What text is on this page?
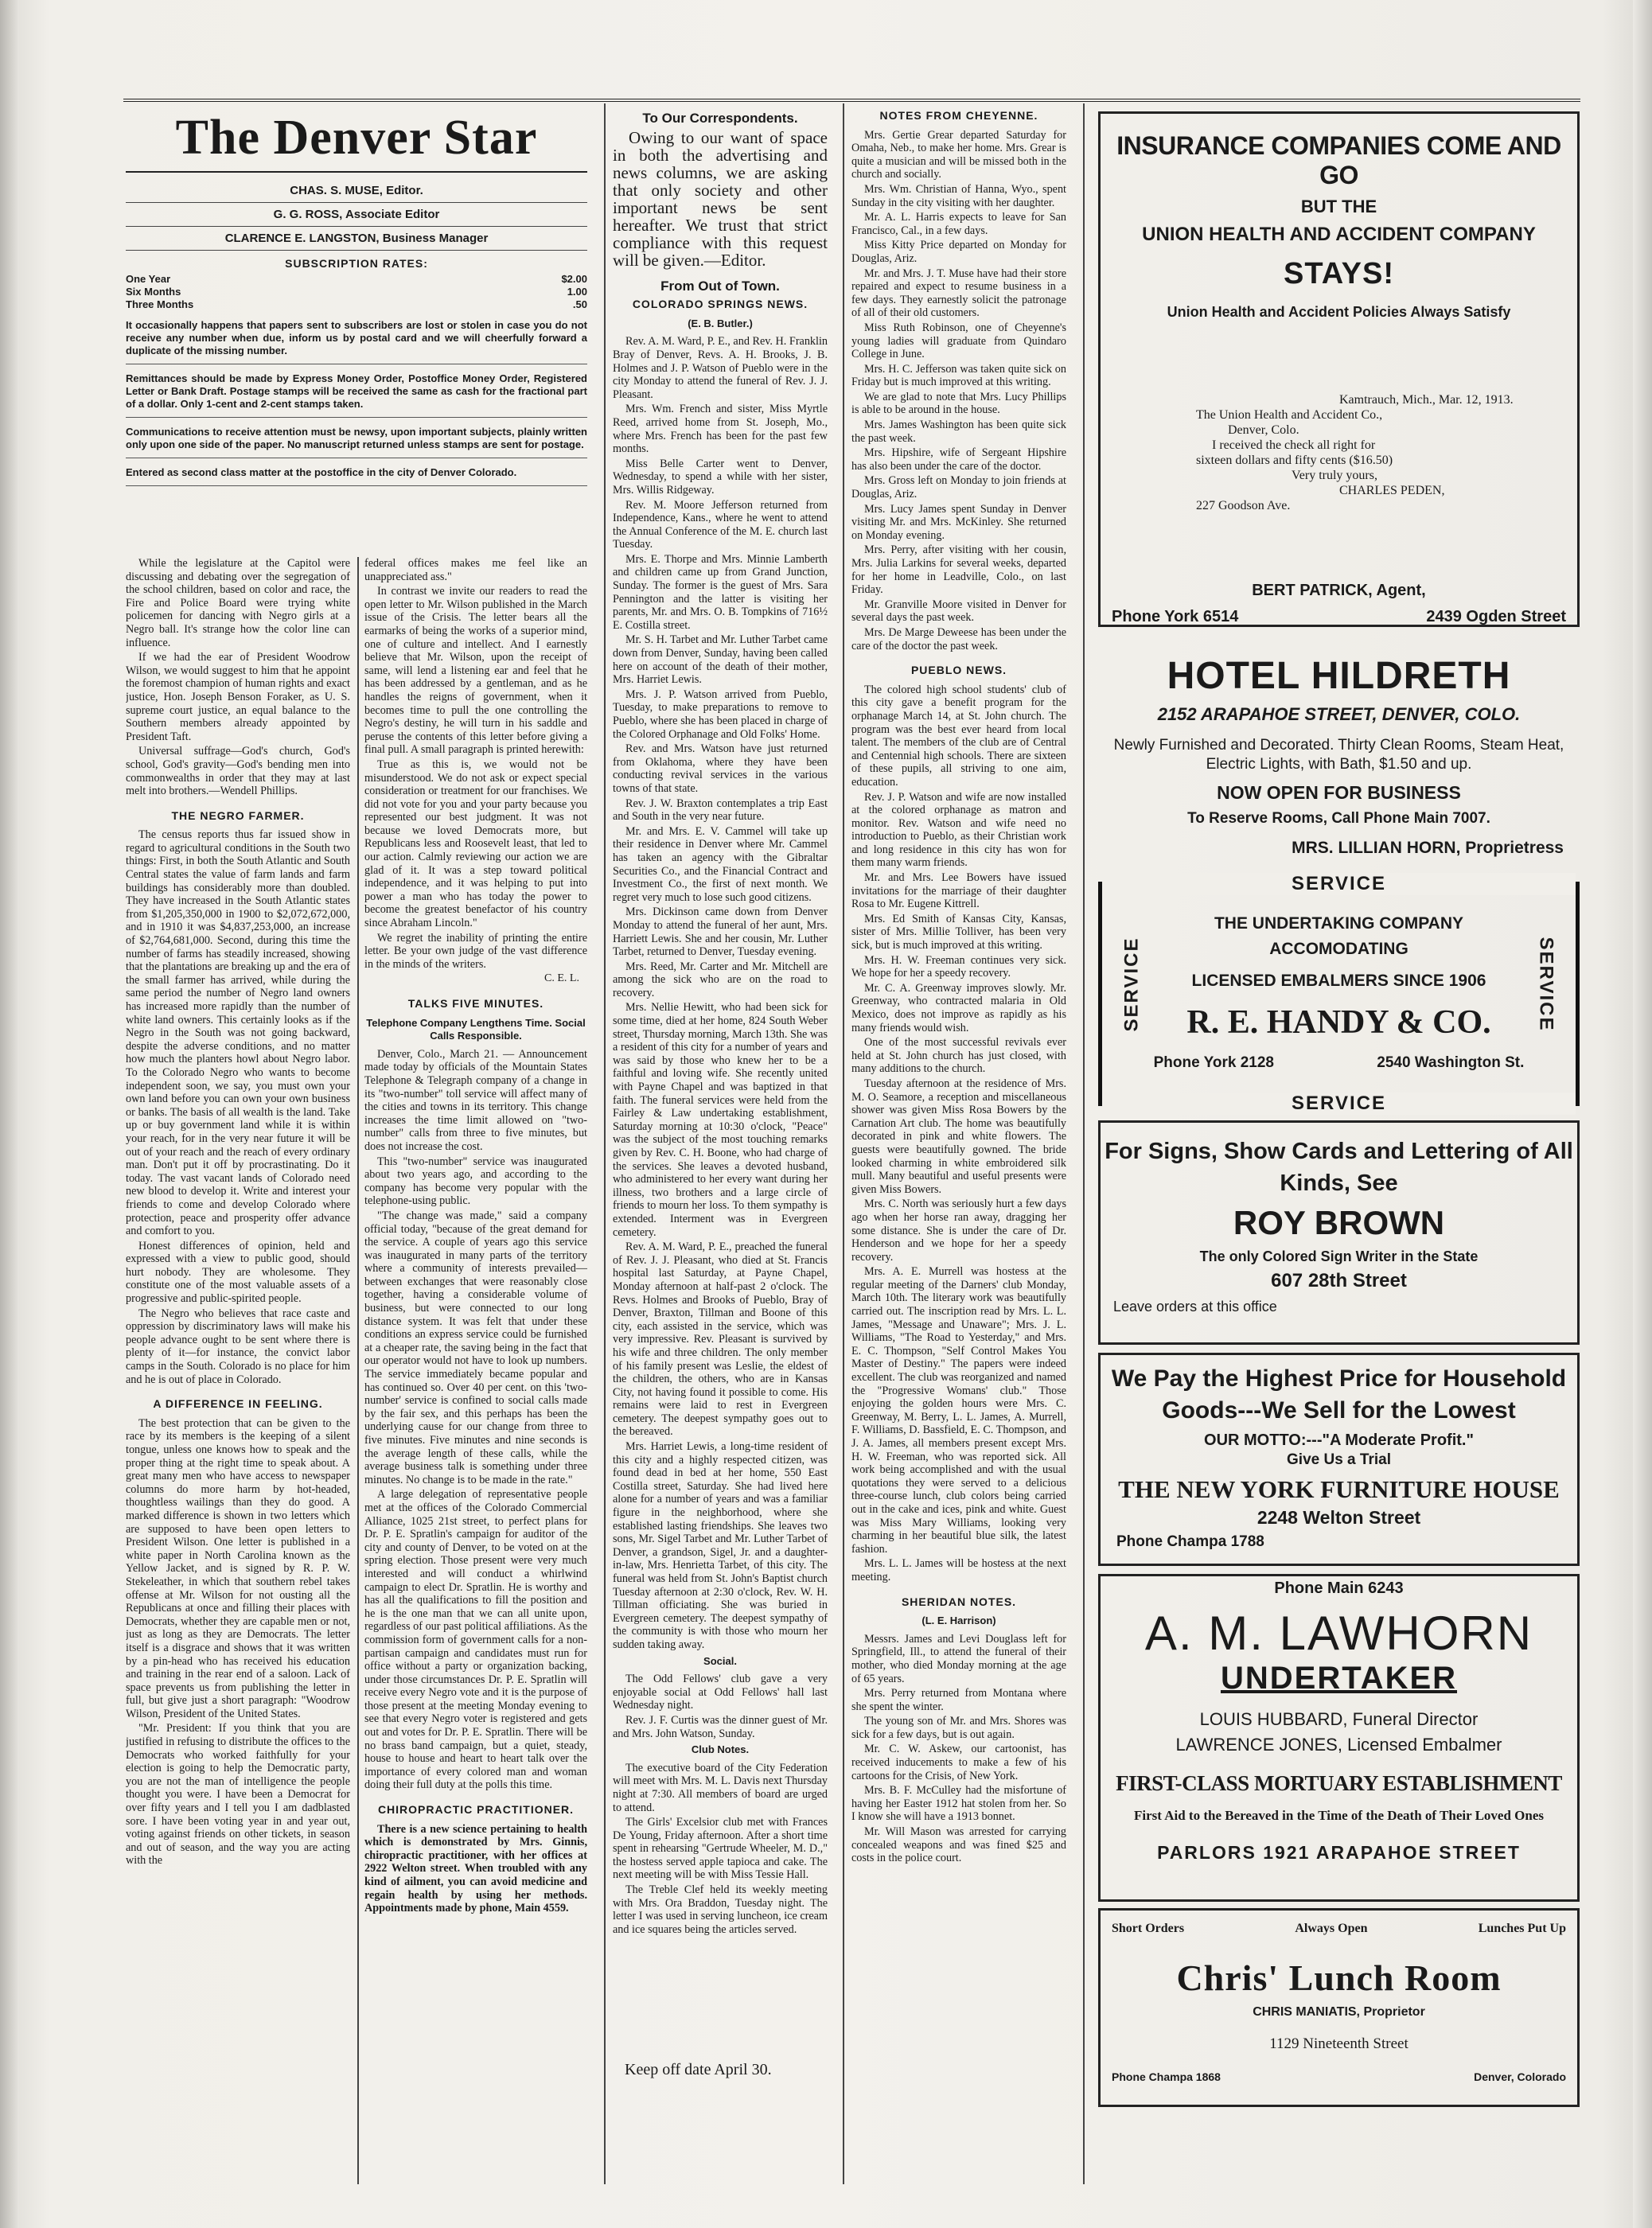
The Denver Star
CHAS. S. MUSE, Editor.
G. G. ROSS, Associate Editor
CLARENCE E. LANGSTON, Business Manager
SUBSCRIPTION RATES:
One Year	$2.00
Six Months	1.00
Three Months	.50
It occasionally happens that papers sent to subscribers are lost or stolen in case you do not receive any number when due, inform us by postal card and we will cheerfully forward a duplicate of the missing number.
Remittances should be made by Express Money Order, Postoffice Money Order, Registered Letter or Bank Draft. Postage stamps will be received the same as cash for the fractional part of a dollar. Only 1-cent and 2-cent stamps taken.
Communications to receive attention must be newsy, upon important subjects, plainly written only upon one side of the paper. No manuscript returned unless stamps are sent for postage.
Entered as second class matter at the postoffice in the city of Denver Colorado.

While the legislature at the Capitol were discussing and debating over the segregation of the school children, based on color and race, the Fire and Police Board were trying white policemen for dancing with Negro girls at a Negro ball. It's strange how the color line can influence.

If we had the ear of President Woodrow Wilson, we would suggest to him that he appoint the foremost champion of human rights and exact justice, Hon. Joseph Benson Foraker, as U. S. supreme court justice, an equal balance to the Southern members already appointed by President Taft.

Universal suffrage—God's church, God's school, God's gravity—God's bending men into commonwealths in order that they may at last melt into brothers.—Wendell Phillips.

THE NEGRO FARMER.

The census reports thus far issued show in regard to agricultural conditions in the South two things: First, in both the South Atlantic and South Central states the value of farm lands and farm buildings has considerably more than doubled. They have increased in the South Atlantic states from $1,205,350,000 in 1900 to $2,072,672,000, and in 1910 it was $4,837,253,000, an increase of $2,764,681,000. Second, during this time the number of farms has steadily increased, showing that the plantations are breaking up and the era of the small farmer has arrived, while during the same period the number of Negro land owners has increased more rapidly than the number of white land owners. This certainly looks as if the Negro in the South was not going backward, despite the adverse conditions, and no matter how much the planters howl about Negro labor. To the Colorado Negro who wants to become independent soon, we say, you must own your own land before you can own your own business or banks. The basis of all wealth is the land. Take up or buy government land while it is within your reach, for in the very near future it will be out of your reach and the reach of every ordinary man. Don't put it off by procrastinating. Do it today. The vast vacant lands of Colorado need new blood to develop it. Write and interest your friends to come and develop Colorado where protection, peace and prosperity offer advance and comfort to you.

Honest differences of opinion, held and expressed with a view to public good, should hurt nobody. They are wholesome. They constitute one of the most valuable assets of a progressive and public-spirited people.

The Negro who believes that race caste and oppression by discriminatory laws will make his people advance ought to be sent where there is plenty of it—for instance, the convict labor camps in the South. Colorado is no place for him and he is out of place in Colorado.

A DIFFERENCE IN FEELING.

The best protection that can be given to the race by its members is the keeping of a silent tongue, unless one knows how to speak and the proper thing at the right time to speak about. A great many men who have access to newspaper columns do more harm by hot-headed, thoughtless wailings than they do good. A marked difference is shown in two letters which are supposed to have been open letters to President Wilson. One letter is published in a white paper in North Carolina known as the Yellow Jacket, and is signed by R. P. W. Stekeleather, in which that southern rebel takes offense at Mr. Wilson for not ousting all the Republicans at once and filling their places with Democrats, whether they are capable men or not, just as long as they are Democrats. The letter itself is a disgrace and shows that it was written by a pin-head who has received his education and training in the rear end of a saloon. Lack of space prevents us from publishing the letter in full, but give just a short paragraph: "Woodrow Wilson, President of the United States.

"Mr. President: If you think that you are justified in refusing to distribute the offices to the Democrats who worked faithfully for your election is going to help the Democratic party, you are not the man of intelligence the people thought you were. I have been a Democrat for over fifty years and I tell you I am dadblasted sore. I have been voting year in and year out, voting against friends on other tickets, in season and out of season, and the way you are acting with the

federal offices makes me feel like an unappreciated ass."

In contrast we invite our readers to read the open letter to Mr. Wilson published in the March issue of the Crisis. The letter bears all the earmarks of being the works of a superior mind, one of culture and intellect. And I earnestly believe that Mr. Wilson, upon the receipt of same, will lend a listening ear and feel that he has been addressed by a gentleman, and as he handles the reigns of government, when it becomes time to pull the one controlling the Negro's destiny, he will turn in his saddle and peruse the contents of this letter before giving a final pull. A small paragraph is printed herewith:

True as this is, we would not be misunderstood. We do not ask or expect special consideration or treatment for our franchises. We did not vote for you and your party because you represented our best judgment. It was not because we loved Democrats more, but Republicans less and Roosevelt least, that led to our action. Calmly reviewing our action we are glad of it. It was a step toward political independence, and it was helping to put into power a man who has today the power to become the greatest benefactor of his country since Abraham Lincoln."

We regret the inability of printing the entire letter. Be your own judge of the vast difference in the minds of the writers.

C. E. L.
TALKS FIVE MINUTES.
Telephone Company Lengthens Time. Social Calls Responsible.

Denver, Colo., March 21. — Announcement made today by officials of the Mountain States Telephone & Telegraph company of a change in its "two-number" toll service will affect many of the cities and towns in its territory. This change increases the time limit allowed on "two-number" calls from three to five minutes, but does not increase the cost.

This "two-number" service was inaugurated about two years ago, and according to the company has become very popular with the telephone-using public.

"The change was made," said a company official today, "because of the great demand for the service. A couple of years ago this service was inaugurated in many parts of the territory where a community of interests prevailed—between exchanges that were reasonably close together, having a considerable volume of business, but were connected to our long distance system. It was felt that under these conditions an express service could be furnished at a cheaper rate, the saving being in the fact that our operator would not have to look up numbers. The service immediately became popular and has continued so. Over 40 per cent. on this 'two-number' service is confined to social calls made by the fair sex, and this perhaps has been the underlying cause for our change from three to five minutes. Five minutes and nine seconds is the average length of these calls, while the average business talk is something under three minutes. No change is to be made in the rate."

A large delegation of representative people met at the offices of the Colorado Commercial Alliance, 1025 21st street, to perfect plans for Dr. P. E. Spratlin's campaign for auditor of the city and county of Denver, to be voted on at the spring election. Those present were very much interested and will conduct a whirlwind campaign to elect Dr. Spratlin. He is worthy and has all the qualifications to fill the position and he is the one man that we can all unite upon, regardless of our past political affiliations. As the commission form of government calls for a non-partisan campaign and candidates must run for office without a party or organization backing, under those circumstances Dr. P. E. Spratlin will receive every Negro vote and it is the purpose of those present at the meeting Monday evening to see that every Negro voter is registered and gets out and votes for Dr. P. E. Spratlin. There will be no brass band campaign, but a quiet, steady, house to house and heart to heart talk over the importance of every colored man and woman doing their full duty at the polls this time.

CHIROPRACTIC PRACTITIONER.

There is a new science pertaining to health which is demonstrated by Mrs. Ginnis, chiropractic practitioner, with her offices at 2922 Welton street. When troubled with any kind of ailment, you can avoid medicine and regain health by using her methods. Appointments made by phone, Main 4559.

To Our Correspondents.

Owing to our want of space in both the advertising and news columns, we are asking that only society and other important news be sent hereafter. We trust that strict compliance with this request will be given.—Editor.

From Out of Town.
COLORADO SPRINGS NEWS.
(E. B. Butler.)

Rev. A. M. Ward, P. E., and Rev. H. Franklin Bray of Denver, Revs. A. H. Brooks, J. B. Holmes and J. P. Watson of Pueblo were in the city Monday to attend the funeral of Rev. J. J. Pleasant.

Mrs. Wm. French and sister, Miss Myrtle Reed, arrived home from St. Joseph, Mo., where Mrs. French has been for the past few months.

Miss Belle Carter went to Denver, Wednesday, to spend a while with her sister, Mrs. Willis Ridgeway.

Rev. M. Moore Jefferson returned from Independence, Kans., where he went to attend the Annual Conference of the M. E. church last Tuesday.

Mrs. E. Thorpe and Mrs. Minnie Lamberth and children came up from Grand Junction, Sunday. The former is the guest of Mrs. Sara Pennington and the latter is visiting her parents, Mr. and Mrs. O. B. Tompkins of 716½ E. Costilla street.

Mr. S. H. Tarbet and Mr. Luther Tarbet came down from Denver, Sunday, having been called here on account of the death of their mother, Mrs. Harriet Lewis.

Mrs. J. P. Watson arrived from Pueblo, Tuesday, to make preparations to remove to Pueblo, where she has been placed in charge of the Colored Orphanage and Old Folks' Home.

Rev. and Mrs. Watson have just returned from Oklahoma, where they have been conducting revival services in the various towns of that state.

Rev. J. W. Braxton contemplates a trip East and South in the very near future.

Mr. and Mrs. E. V. Cammel will take up their residence in Denver where Mr. Cammel has taken an agency with the Gibraltar Securities Co., and the Financial Contract and Investment Co., the first of next month. We regret very much to lose such good citizens.

Mrs. Dickinson came down from Denver Monday to attend the funeral of her aunt, Mrs. Harriett Lewis. She and her cousin, Mr. Luther Tarbet, returned to Denver, Tuesday evening.

Mrs. Reed, Mr. Carter and Mr. Mitchell are among the sick who are on the road to recovery.

Mrs. Nellie Hewitt, who had been sick for some time, died at her home, 824 South Weber street, Thursday morning, March 13th. She was a resident of this city for a number of years and was said by those who knew her to be a faithful and loving wife. She recently united with Payne Chapel and was baptized in that faith. The funeral services were held from the Fairley & Law undertaking establishment, Saturday morning at 10:30 o'clock, "Peace" was the subject of the most touching remarks given by Rev. C. H. Boone, who had charge of the services. She leaves a devoted husband, who administered to her every want during her illness, two brothers and a large circle of friends to mourn her loss. To them sympathy is extended. Interment was in Evergreen cemetery.

Rev. A. M. Ward, P. E., preached the funeral of Rev. J. J. Pleasant, who died at St. Francis hospital last Saturday, at Payne Chapel, Monday afternoon at half-past 2 o'clock. The Revs. Holmes and Brooks of Pueblo, Bray of Denver, Braxton, Tillman and Boone of this city, each assisted in the service, which was very impressive. Rev. Pleasant is survived by his wife and three children. The only member of his family present was Leslie, the eldest of the children, the others, who are in Kansas City, not having found it possible to come. His remains were laid to rest in Evergreen cemetery. The deepest sympathy goes out to the bereaved.

Mrs. Harriet Lewis, a long-time resident of this city and a highly respected citizen, was found dead in bed at her home, 550 East Costilla street, Saturday. She had lived here alone for a number of years and was a familiar figure in the neighborhood, where she established lasting friendships. She leaves two sons, Mr. Sigel Tarbet and Mr. Luther Tarbet of Denver, a grandson, Sigel, Jr. and a daughter-in-law, Mrs. Henrietta Tarbet, of this city. The funeral was held from St. John's Baptist church Tuesday afternoon at 2:30 o'clock, Rev. W. H. Tillman officiating. She was buried in Evergreen cemetery. The deepest sympathy of the community is with those who mourn her sudden taking away.

Social.

The Odd Fellows' club gave a very enjoyable social at Odd Fellows' hall last Wednesday night.

Rev. J. F. Curtis was the dinner guest of Mr. and Mrs. John Watson, Sunday.

Club Notes.

The executive board of the City Federation will meet with Mrs. M. L. Davis next Thursday night at 7:30. All members of board are urged to attend.

The Girls' Excelsior club met with Frances De Young, Friday afternoon. After a short time spent in rehearsing "Gertrude Wheeler, M. D.," the hostess served apple tapioca and cake. The next meeting will be with Miss Tessie Hall.

The Treble Clef held its weekly meeting with Mrs. Ora Braddon, Tuesday night. The letter I was used in serving luncheon, ice cream and ice squares being the articles served.

Keep off date April 30.
NOTES FROM CHEYENNE.

Mrs. Gertie Grear departed Saturday for Omaha, Neb., to make her home. Mrs. Grear is quite a musician and will be missed both in the church and socially.

Mrs. Wm. Christian of Hanna, Wyo., spent Sunday in the city visiting with her daughter.

Mr. A. L. Harris expects to leave for San Francisco, Cal., in a few days.

Miss Kitty Price departed on Monday for Douglas, Ariz.

Mr. and Mrs. J. T. Muse have had their store repaired and expect to resume business in a few days. They earnestly solicit the patronage of all of their old customers.

Miss Ruth Robinson, one of Cheyenne's young ladies will graduate from Quindaro College in June.

Mrs. H. C. Jefferson was taken quite sick on Friday but is much improved at this writing.

We are glad to note that Mrs. Lucy Phillips is able to be around in the house.

Mrs. James Washington has been quite sick the past week.

Mrs. Hipshire, wife of Sergeant Hipshire has also been under the care of the doctor.

Mrs. Gross left on Monday to join friends at Douglas, Ariz.

Mrs. Lucy James spent Sunday in Denver visiting Mr. and Mrs. McKinley. She returned on Monday evening.

Mrs. Perry, after visiting with her cousin, Mrs. Julia Larkins for several weeks, departed for her home in Leadville, Colo., on last Friday.

Mr. Granville Moore visited in Denver for several days the past week.

Mrs. De Marge Deweese has been under the care of the doctor the past week.

PUEBLO NEWS.

The colored high school students' club of this city gave a benefit program for the orphanage March 14, at St. John church. The program was the best ever heard from local talent. The members of the club are of Central and Centennial high schools. There are sixteen of these pupils, all striving to one aim, education.

Rev. J. P. Watson and wife are now installed at the colored orphanage as matron and monitor. Rev. Watson and wife need no introduction to Pueblo, as their Christian work and long residence in this city has won for them many warm friends.

Mr. and Mrs. Lee Bowers have issued invitations for the marriage of their daughter Rosa to Mr. Eugene Kittrell.

Mrs. Ed Smith of Kansas City, Kansas, sister of Mrs. Millie Tolliver, has been very sick, but is much improved at this writing.

Mrs. H. W. Freeman continues very sick. We hope for her a speedy recovery.

Mr. C. A. Greenway improves slowly. Mr. Greenway, who contracted malaria in Old Mexico, does not improve as rapidly as his many friends would wish.

One of the most successful revivals ever held at St. John church has just closed, with many additions to the church.

Tuesday afternoon at the residence of Mrs. M. O. Seamore, a reception and miscellaneous shower was given Miss Rosa Bowers by the Carnation Art club. The home was beautifully decorated in pink and white flowers. The guests were beautifully gowned. The bride looked charming in white embroidered silk mull. Many beautiful and useful presents were given Miss Bowers.

Mrs. C. North was seriously hurt a few days ago when her horse ran away, dragging her some distance. She is under the care of Dr. Henderson and we hope for her a speedy recovery.

Mrs. A. E. Murrell was hostess at the regular meeting of the Darners' club Monday, March 10th. The literary work was beautifully carried out. The inscription read by Mrs. L. L. James, "Message and Unaware"; Mrs. J. L. Williams, "The Road to Yesterday," and Mrs. E. C. Thompson, "Self Control Makes You Master of Destiny." The papers were indeed excellent. The club was reorganized and named the "Progressive Womans' club." Those enjoying the golden hours were Mrs. C. Greenway, M. Berry, L. L. James, A. Murrell, F. Williams, D. Bassfield, E. C. Thompson, and J. A. James, all members present except Mrs. H. W. Freeman, who was reported sick. All work being accomplished and with the usual quotations they were served to a delicious three-course lunch, club colors being carried out in the cake and ices, pink and white. Guest was Miss Mary Williams, looking very charming in her beautiful blue silk, the latest fashion.

Mrs. L. L. James will be hostess at the next meeting.

SHERIDAN NOTES.
(L. E. Harrison)

Messrs. James and Levi Douglass left for Springfield, Ill., to attend the funeral of their mother, who died Monday morning at the age of 65 years.

Mrs. Perry returned from Montana where she spent the winter.

The young son of Mr. and Mrs. Shores was sick for a few days, but is out again.

Mr. C. W. Askew, our cartoonist, has received inducements to make a few of his cartoons for the Crisis, of New York.

Mrs. B. F. McCulley had the misfortune of having her Easter 1912 hat stolen from her. So I know she will have a 1913 bonnet.

Mr. Will Mason was arrested for carrying concealed weapons and was fined $25 and costs in the police court.

INSURANCE COMPANIES COME AND GO
BUT THE
UNION HEALTH AND ACCIDENT COMPANY
STAYS!
Union Health and Accident Policies Always Satisfy
Kamtrauch, Mich., Mar. 12, 1913.
The Union Health and Accident Co.,
Denver, Colo.
I received the check all right for
sixteen dollars and fifty cents ($16.50)
Very truly yours,
CHARLES PEDEN,
227 Goodson Ave.
BERT PATRICK, Agent,
Phone York 6514	2439 Ogden Street
HOTEL HILDRETH
2152 ARAPAHOE STREET, DENVER, COLO.
Newly Furnished and Decorated. Thirty Clean Rooms, Steam Heat, Electric Lights, with Bath, $1.50 and up.
NOW OPEN FOR BUSINESS
To Reserve Rooms, Call Phone Main 7007.
MRS. LILLIAN HORN, Proprietress
SERVICE
SERVICE	SERVICE
THE UNDERTAKING COMPANY
ACCOMODATING
LICENSED EMBALMERS SINCE 1906
R. E. HANDY & CO.
Phone York 2128	2540 Washington St.
SERVICE
For Signs, Show Cards and Lettering of All Kinds, See
ROY BROWN
The only Colored Sign Writer in the State
607 28th Street
Leave orders at this office
We Pay the Highest Price for Household Goods---We Sell for the Lowest
OUR MOTTO:---"A Moderate Profit."
Give Us a Trial
THE NEW YORK FURNITURE HOUSE
2248 Welton Street
Phone Champa 1788
Phone Main 6243
A. M. LAWHORN
UNDERTAKER
LOUIS HUBBARD, Funeral Director
LAWRENCE JONES, Licensed Embalmer
FIRST-CLASS MORTUARY ESTABLISHMENT
First Aid to the Bereaved in the Time of the Death of Their Loved Ones
PARLORS 1921 ARAPAHOE STREET
Short Orders	Always Open	Lunches Put Up
Chris' Lunch Room
CHRIS MANIATIS, Proprietor
1129 Nineteenth Street
Phone Champa 1868	Denver, Colorado
